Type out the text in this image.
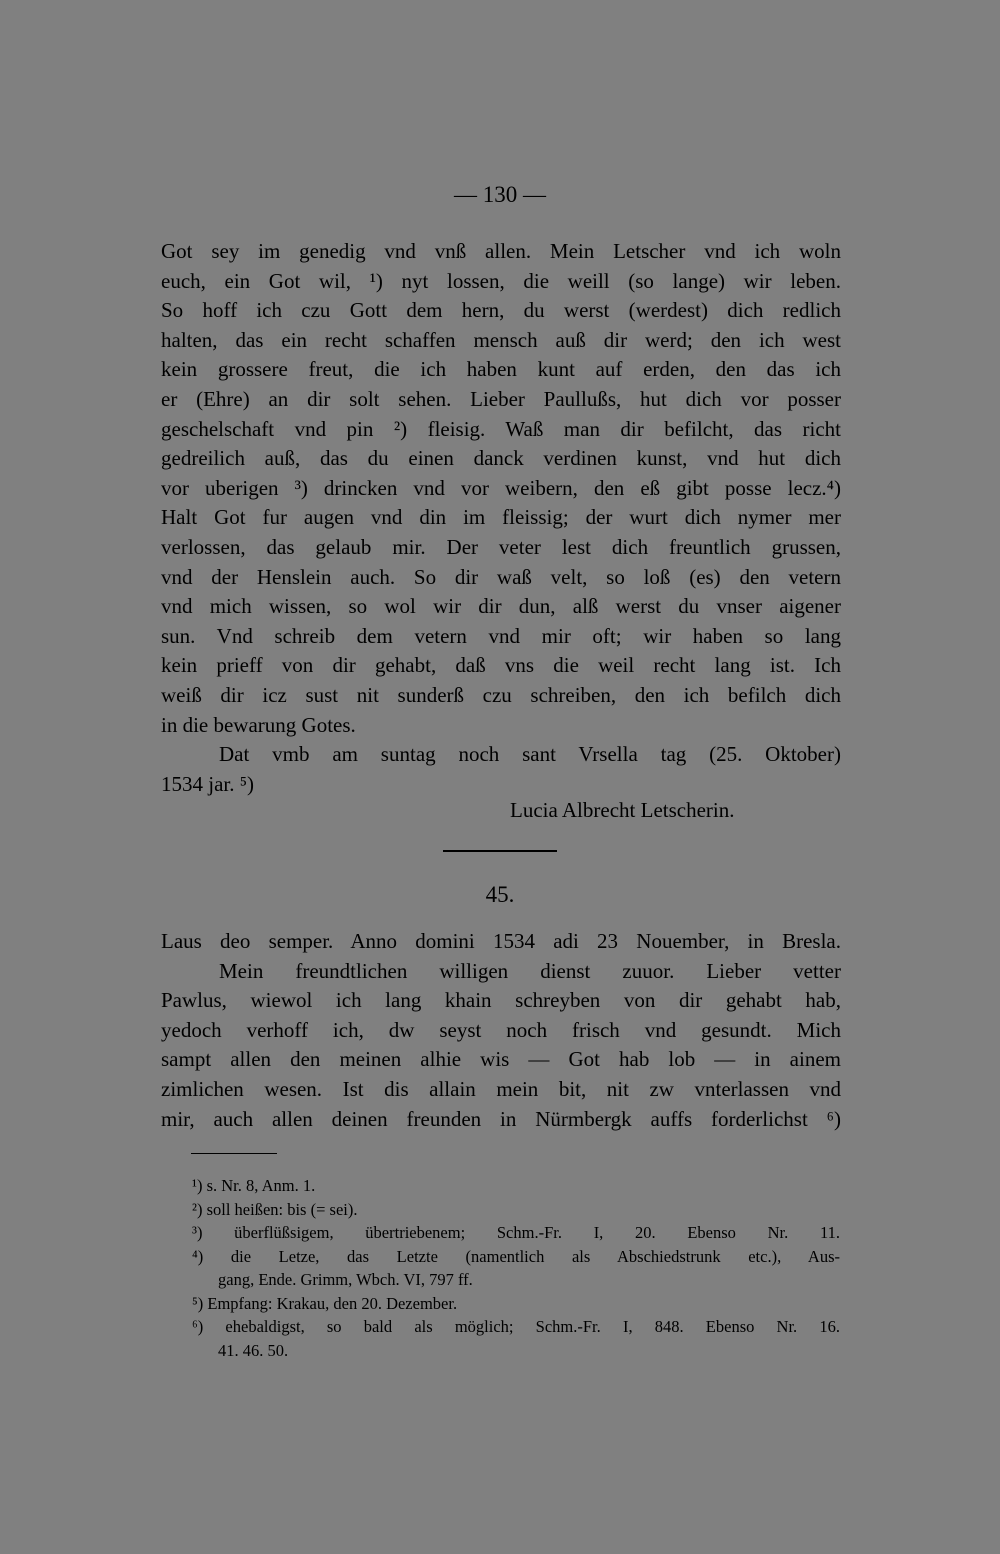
— 130 —
Got sey im genedig vnd vnß allen. Mein Letscher vnd ich woln
euch, ein Got wil, ¹) nyt lossen, die weill (so lange) wir leben.
So hoff ich czu Gott dem hern, du werst (werdest) dich redlich
halten, das ein recht schaffen mensch auß dir werd; den ich west
kein grossere freut, die ich haben kunt auf erden, den das ich
er (Ehre) an dir solt sehen. Lieber Paullußs, hut dich vor posser
geschelschaft vnd pin ²) fleisig. Waß man dir befilcht, das richt
gedreilich auß, das du einen danck verdinen kunst, vnd hut dich
vor uberigen ³) drincken vnd vor weibern, den eß gibt posse lecz.⁴)
Halt Got fur augen vnd din im fleissig; der wurt dich nymer mer
verlossen, das gelaub mir. Der veter lest dich freuntlich grussen,
vnd der Henslein auch. So dir waß velt, so loß (es) den vetern
vnd mich wissen, so wol wir dir dun, alß werst du vnser aigener
sun. Vnd schreib dem vetern vnd mir oft; wir haben so lang
kein prieff von dir gehabt, daß vns die weil recht lang ist. Ich
weiß dir icz sust nit sunderß czu schreiben, den ich befilch dich
in die bewarung Gotes.
Dat vmb am suntag noch sant Vrsella tag (25. Oktober)
1534 jar. ⁵)
Lucia Albrecht Letscherin.
45.
Laus deo semper. Anno domini 1534 adi 23 Nouember, in Bresla.
Mein freundtlichen willigen dienst zuuor. Lieber vetter
Pawlus, wiewol ich lang khain schreyben von dir gehabt hab,
yedoch verhoff ich, dw seyst noch frisch vnd gesundt. Mich
sampt allen den meinen alhie wis — Got hab lob — in ainem
zimlichen wesen. Ist dis allain mein bit, nit zw vnterlassen vnd
mir, auch allen deinen freunden in Nürmbergk auffs forderlichst ⁶)
¹) s. Nr. 8, Anm. 1.
²) soll heißen: bis (= sei).
³) überflüßsigem, übertriebenem; Schm.-Fr. I, 20. Ebenso Nr. 11.
⁴) die Letze, das Letzte (namentlich als Abschiedstrunk etc.), Aus-
gang, Ende. Grimm, Wbch. VI, 797 ff.
⁵) Empfang: Krakau, den 20. Dezember.
⁶) ehebaldigst, so bald als möglich; Schm.-Fr. I, 848. Ebenso Nr. 16.
41. 46. 50.
